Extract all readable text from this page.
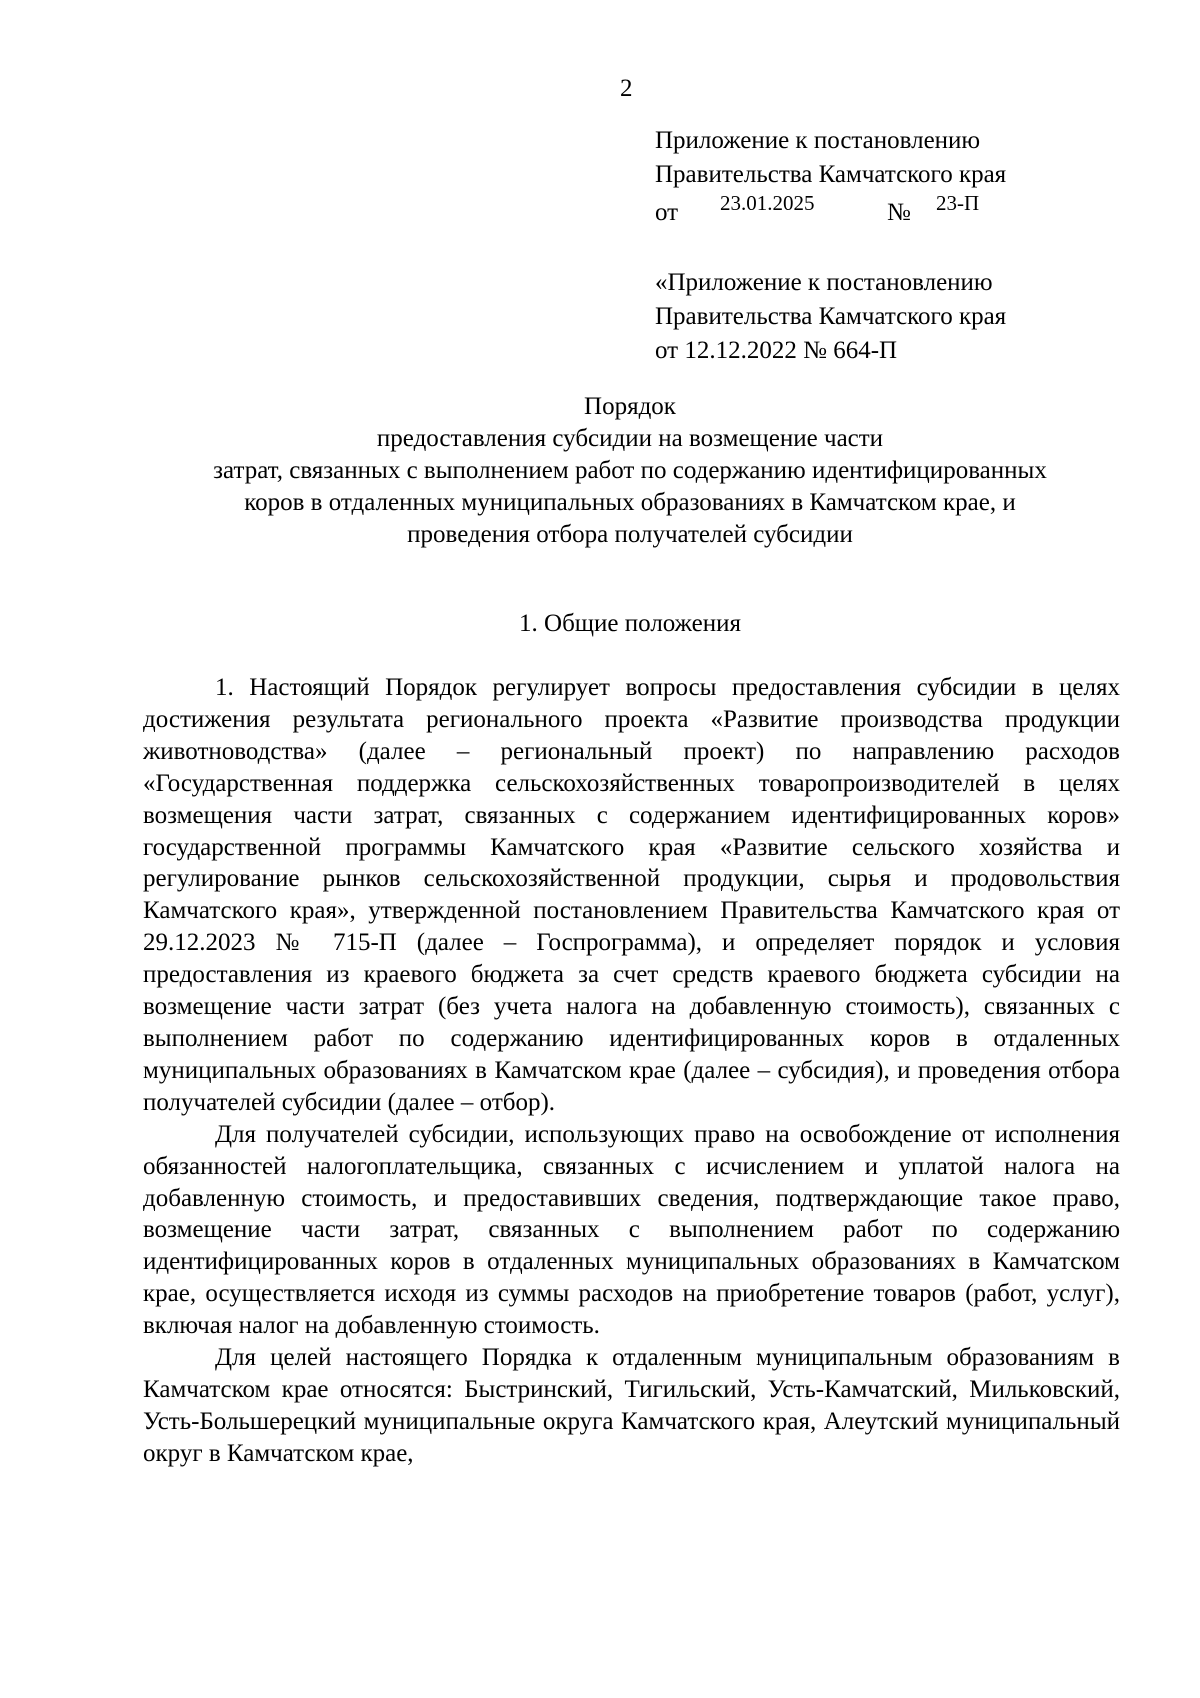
2
Приложение к постановлению
Правительства Камчатского края
от 23.01.2025	№ 23-П
«Приложение к постановлению
Правительства Камчатского края
от 12.12.2022 № 664-П
Порядок
предоставления субсидии на возмещение части
затрат, связанных с выполнением работ по содержанию идентифицированных
коров в отдаленных муниципальных образованиях в Камчатском крае, и
проведения отбора получателей субсидии
1. Общие положения

1. Настоящий Порядок регулирует вопросы предоставления субсидии в целях достижения результата регионального проекта «Развитие производства продукции животноводства» (далее – региональный проект) по направлению расходов «Государственная поддержка сельскохозяйственных товаропроизводителей в целях возмещения части затрат, связанных с содержанием идентифицированных коров» государственной программы Камчатского края «Развитие сельского хозяйства и регулирование рынков сельскохозяйственной продукции, сырья и продовольствия Камчатского края», утвержденной постановлением Правительства Камчатского края от 29.12.2023 № 715-П (далее – Госпрограмма), и определяет порядок и условия предоставления из краевого бюджета за счет средств краевого бюджета субсидии на возмещение части затрат (без учета налога на добавленную стоимость), связанных с выполнением работ по содержанию идентифицированных коров в отдаленных муниципальных образованиях в Камчатском крае (далее – субсидия), и проведения отбора получателей субсидии (далее – отбор).

Для получателей субсидии, использующих право на освобождение от исполнения обязанностей налогоплательщика, связанных с исчислением и уплатой налога на добавленную стоимость, и предоставивших сведения, подтверждающие такое право, возмещение части затрат, связанных с выполнением работ по содержанию идентифицированных коров в отдаленных муниципальных образованиях в Камчатском крае, осуществляется исходя из суммы расходов на приобретение товаров (работ, услуг), включая налог на добавленную стоимость.

Для целей настоящего Порядка к отдаленным муниципальным образованиям в Камчатском крае относятся: Быстринский, Тигильский, Усть-Камчатский, Мильковский, Усть-Большерецкий муниципальные округа Камчатского края, Алеутский муниципальный округ в Камчатском крае,
